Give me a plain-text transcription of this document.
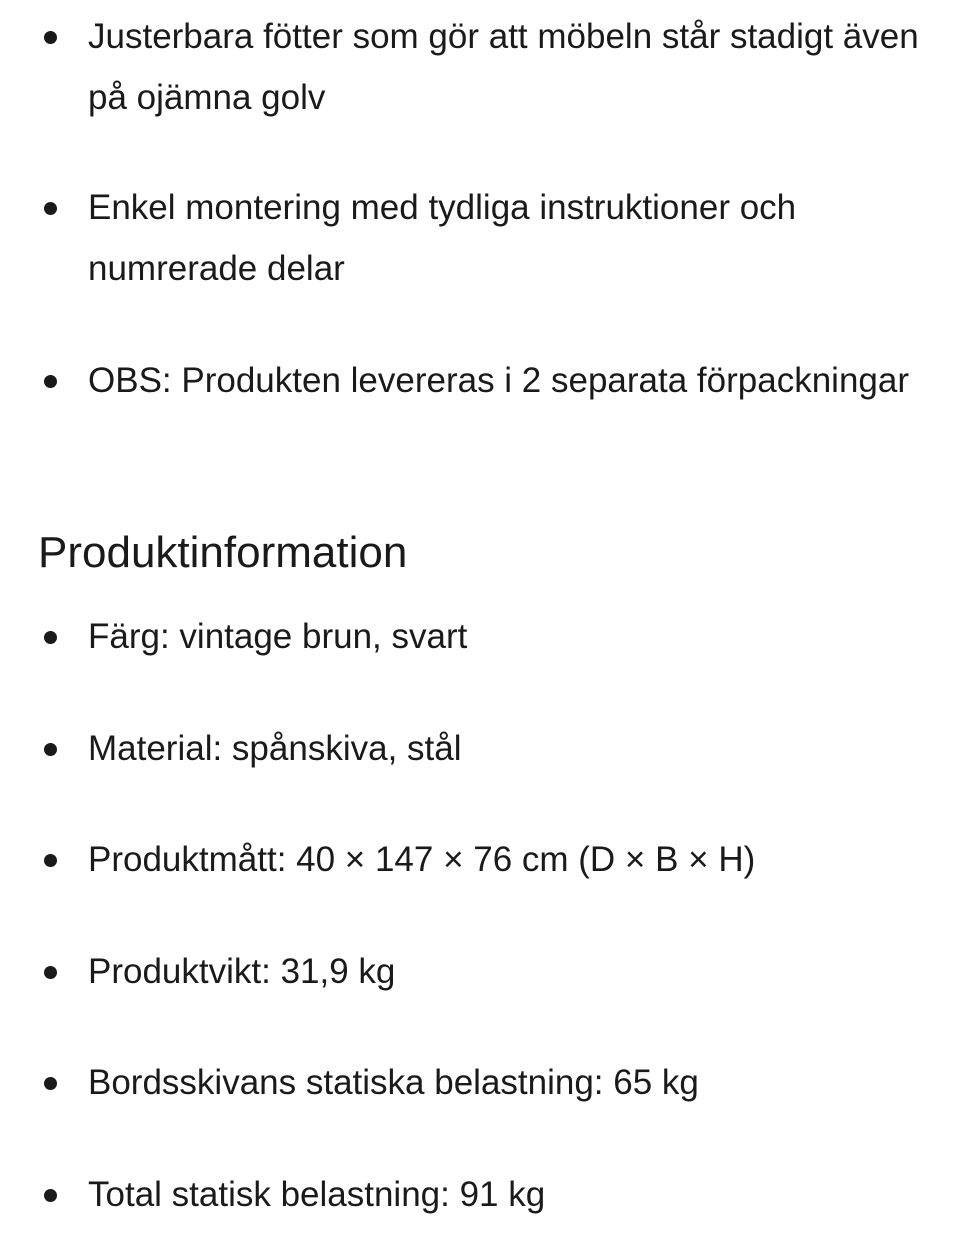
Justerbara fötter som gör att möbeln står stadigt även på ojämna golv
Enkel montering med tydliga instruktioner och numrerade delar
OBS: Produkten levereras i 2 separata förpackningar
Produktinformation
Färg: vintage brun, svart
Material: spånskiva, stål
Produktmått: 40 × 147 × 76 cm (D × B × H)
Produktvikt: 31,9 kg
Bordsskivans statiska belastning: 65 kg
Total statisk belastning: 91 kg
